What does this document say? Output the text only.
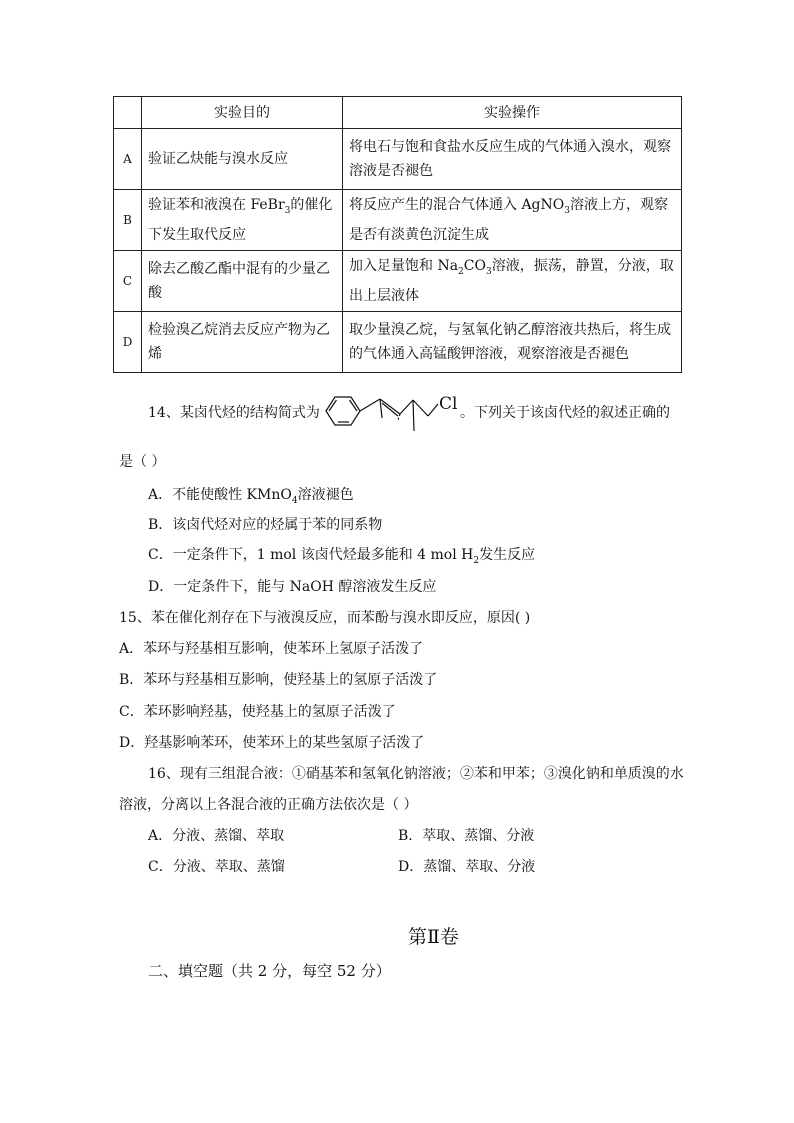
	实验目的	实验操作
A	验证乙炔能与溴水反应	将电石与饱和食盐水反应生成的气体通入溴水，观察溶液是否褪色
B	验证苯和液溴在 FeBr$_3$的催化下发生取代反应	将反应产生的混合气体通入 AgNO$_3$溶液上方，观察是否有淡黄色沉淀生成
C	除去乙酸乙酯中混有的少量乙酸	加入足量饱和 $Na_2CO_3$溶液，振荡，静置，分液，取出上层液体
D	检验溴乙烷消去反应产物为乙烯	取少量溴乙烷，与氢氧化钠乙醇溶液共热后，将生成的气体通入高锰酸钾溶液，观察溶液是否褪色
14、某卤代烃的结构简式为	Cl 。下列关于该卤代烃的叙述正确的
是（ ）
A．不能使酸性 KMnO$_4$溶液褪色
B．该卤代烃对应的烃属于苯的同系物
C．一定条件下，1 mol 该卤代烃最多能和 4 mol $H_2$发生反应
D．一定条件下，能与 NaOH 醇溶液发生反应
15、苯在催化剂存在下与液溴反应，而苯酚与溴水即反应，原因( )
A．苯环与羟基相互影响，使苯环上氢原子活泼了
B．苯环与羟基相互影响，使羟基上的氢原子活泼了
C．苯环影响羟基，使羟基上的氢原子活泼了
D．羟基影响苯环，使苯环上的某些氢原子活泼了
16、现有三组混合液：①硝基苯和氢氧化钠溶液；②苯和甲苯；③溴化钠和单质溴的水
溶液，分离以上各混合液的正确方法依次是（ ）
A．分液、蒸馏、萃取	B．萃取、蒸馏、分液
C．分液、萃取、蒸馏	D．蒸馏、萃取、分液
第Ⅱ卷
二、填空题（共 2 分，每空 52 分）
